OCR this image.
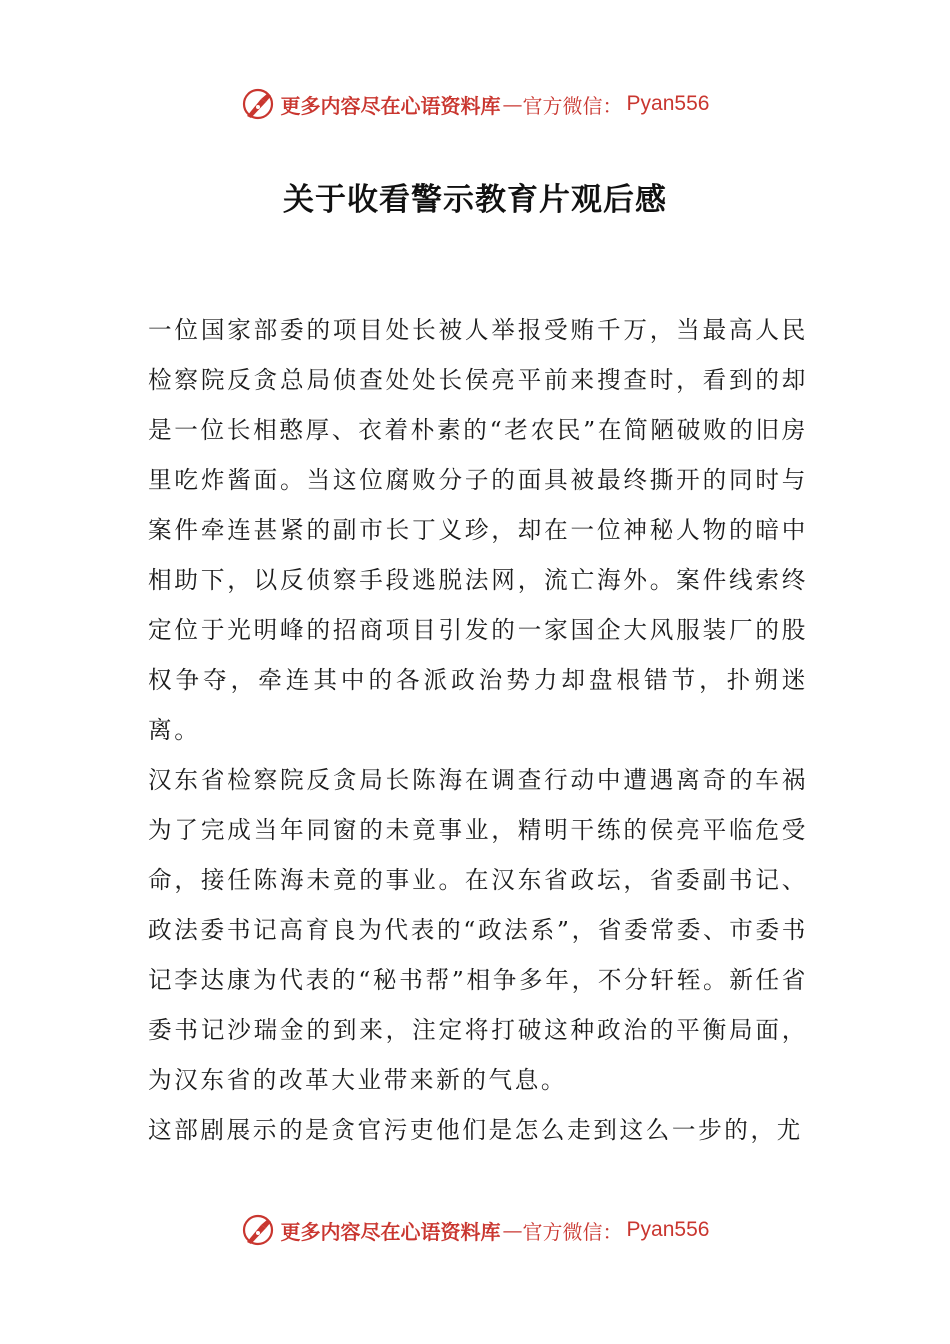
更多内容尽在心语资料库 — 官方微信： Pyan556
关于收看警示教育片观后感

一位国家部委的项目处长被人举报受贿千万，当最高人民检察院反贪总局侦查处处长侯亮平前来搜查时，看到的却是一位长相憨厚、衣着朴素的“老农民”在简陋破败的旧房里吃炸酱面。当这位腐败分子的面具被最终撕开的同时与案件牵连甚紧的副市长丁义珍，却在一位神秘人物的暗中相助下，以反侦察手段逃脱法网，流亡海外。案件线索终定位于光明峰的招商项目引发的一家国企大风服装厂的股权争夺，牵连其中的各派政治势力却盘根错节，扑朔迷离。

汉东省检察院反贪局长陈海在调查行动中遭遇离奇的车祸为了完成当年同窗的未竟事业，精明干练的侯亮平临危受命，接任陈海未竟的事业。在汉东省政坛，省委副书记、政法委书记高育良为代表的“政法系”，省委常委、市委书记李达康为代表的“秘书帮”相争多年，不分轩轾。新任省委书记沙瑞金的到来，注定将打破这种政治的平衡局面，为汉东省的改革大业带来新的气息。

这部剧展示的是贪官污吏他们是怎么走到这么一步的，尤

更多内容尽在心语资料库 — 官方微信： Pyan556
